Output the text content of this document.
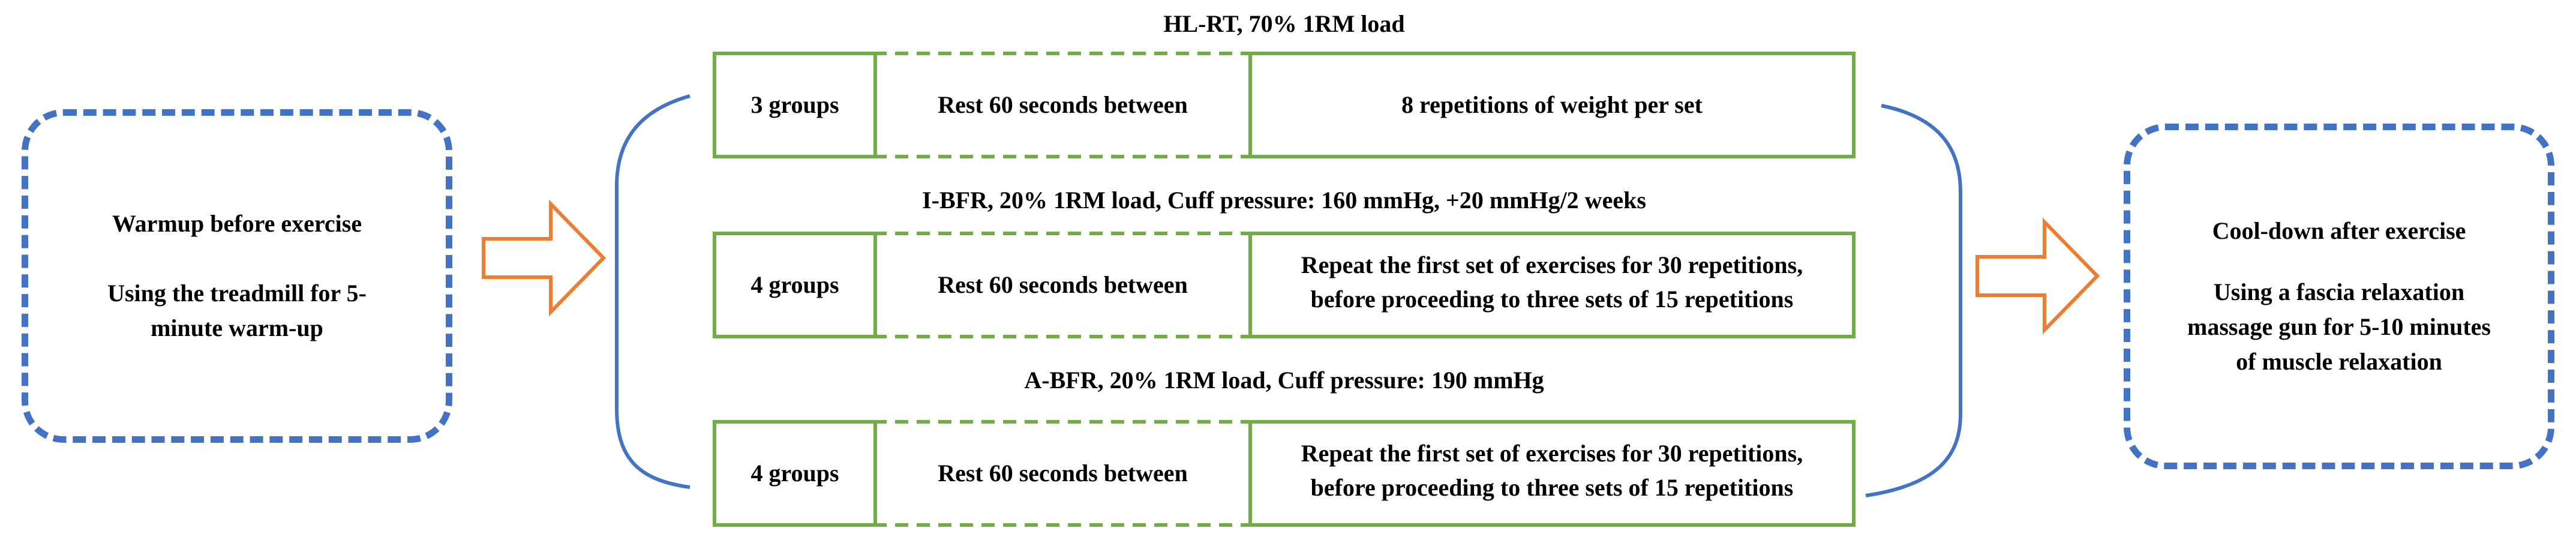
Warmup before exercise
Using the treadmill for 5-
minute warm-up
Cool-down after exercise
Using a fascia relaxation
massage gun for 5-10 minutes
of muscle relaxation
HL-RT, 70% 1RM load
3 groups	Rest 60 seconds between	8 repetitions of weight per set
I-BFR, 20% 1RM load, Cuff pressure: 160 mmHg, +20 mmHg/2 weeks
4 groups	Rest 60 seconds between
Repeat the first set of exercises for 30 repetitions,
before proceeding to three sets of 15 repetitions
A-BFR, 20% 1RM load, Cuff pressure: 190 mmHg
4 groups	Rest 60 seconds between
Repeat the first set of exercises for 30 repetitions,
before proceeding to three sets of 15 repetitions
